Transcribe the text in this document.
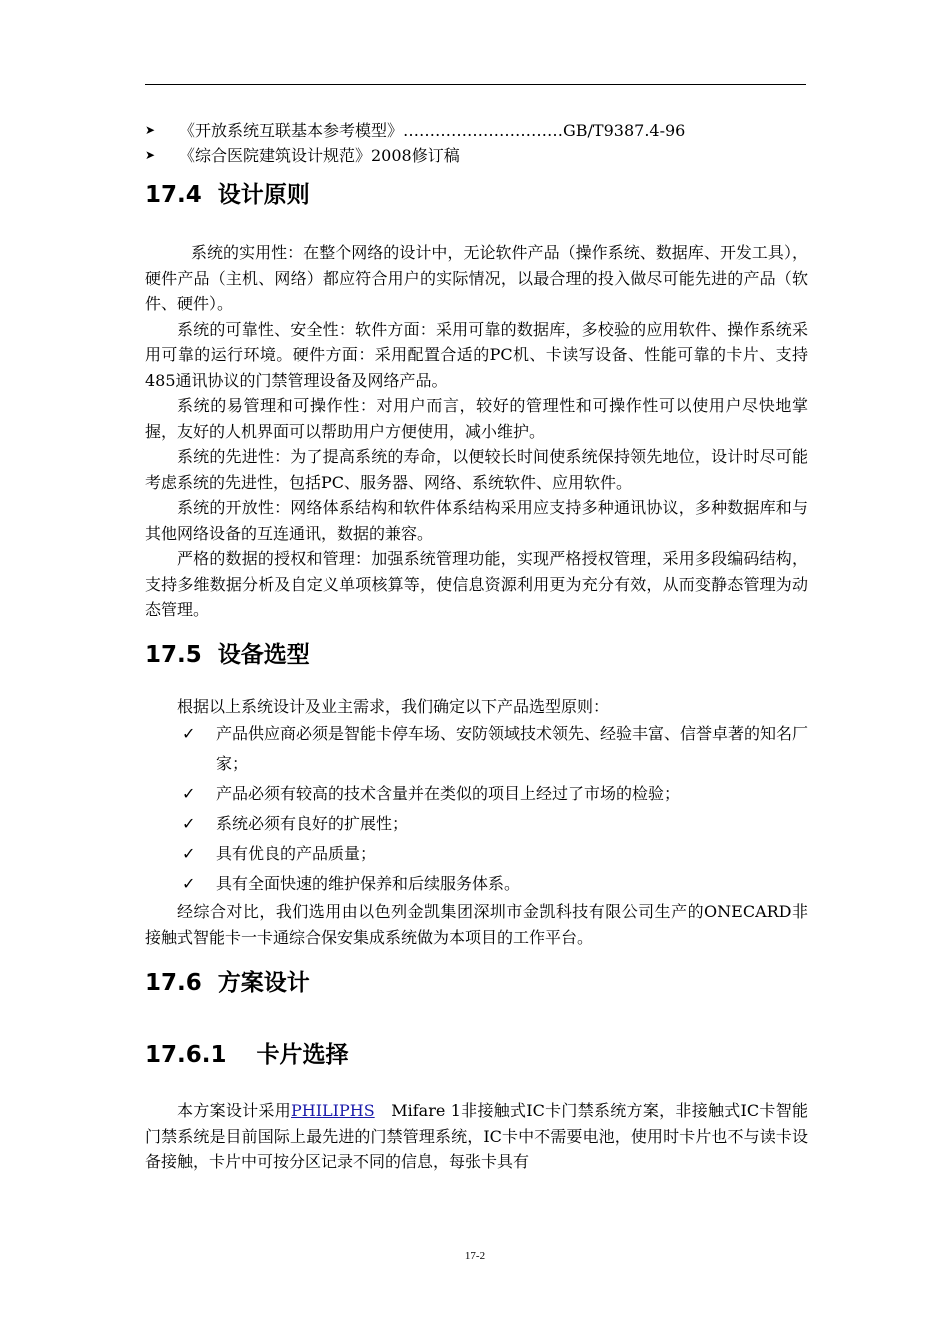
➤	《开放系统互联基本参考模型》…………………………GB/T9387.4-96
➤	《综合医院建筑设计规范》2008修订稿
17.4 设计原则

系统的实用性：在整个网络的设计中，无论软件产品（操作系统、数据库、开发工具），硬件产品（主机、网络）都应符合用户的实际情况，以最合理的投入做尽可能先进的产品（软件、硬件）。

系统的可靠性、安全性：软件方面：采用可靠的数据库，多校验的应用软件、操作系统采用可靠的运行环境。硬件方面：采用配置合适的PC机、卡读写设备、性能可靠的卡片、支持485通讯协议的门禁管理设备及网络产品。

系统的易管理和可操作性：对用户而言，较好的管理性和可操作性可以使用户尽快地掌握，友好的人机界面可以帮助用户方便使用，减小维护。

系统的先进性：为了提高系统的寿命，以便较长时间使系统保持领先地位，设计时尽可能考虑系统的先进性，包括PC、服务器、网络、系统软件、应用软件。

系统的开放性：网络体系结构和软件体系结构采用应支持多种通讯协议，多种数据库和与其他网络设备的互连通讯，数据的兼容。

严格的数据的授权和管理：加强系统管理功能，实现严格授权管理，采用多段编码结构，支持多维数据分析及自定义单项核算等，使信息资源利用更为充分有效，从而变静态管理为动态管理。

17.5 设备选型

根据以上系统设计及业主需求，我们确定以下产品选型原则：

✓	产品供应商必须是智能卡停车场、安防领域技术领先、经验丰富、信誉卓著的知名厂家；
✓	产品必须有较高的技术含量并在类似的项目上经过了市场的检验；
✓	系统必须有良好的扩展性；
✓	具有优良的产品质量；
✓	具有全面快速的维护保养和后续服务体系。

经综合对比，我们选用由以色列金凯集团深圳市金凯科技有限公司生产的ONECARD非接触式智能卡一卡通综合保安集成系统做为本项目的工作平台。

17.6 方案设计
17.6.1 卡片选择

本方案设计采用PHILIPHS　Mifare 1非接触式IC卡门禁系统方案，非接触式IC卡智能门禁系统是目前国际上最先进的门禁管理系统，IC卡中不需要电池，使用时卡片也不与读卡设备接触，卡片中可按分区记录不同的信息，每张卡具有

17-2
